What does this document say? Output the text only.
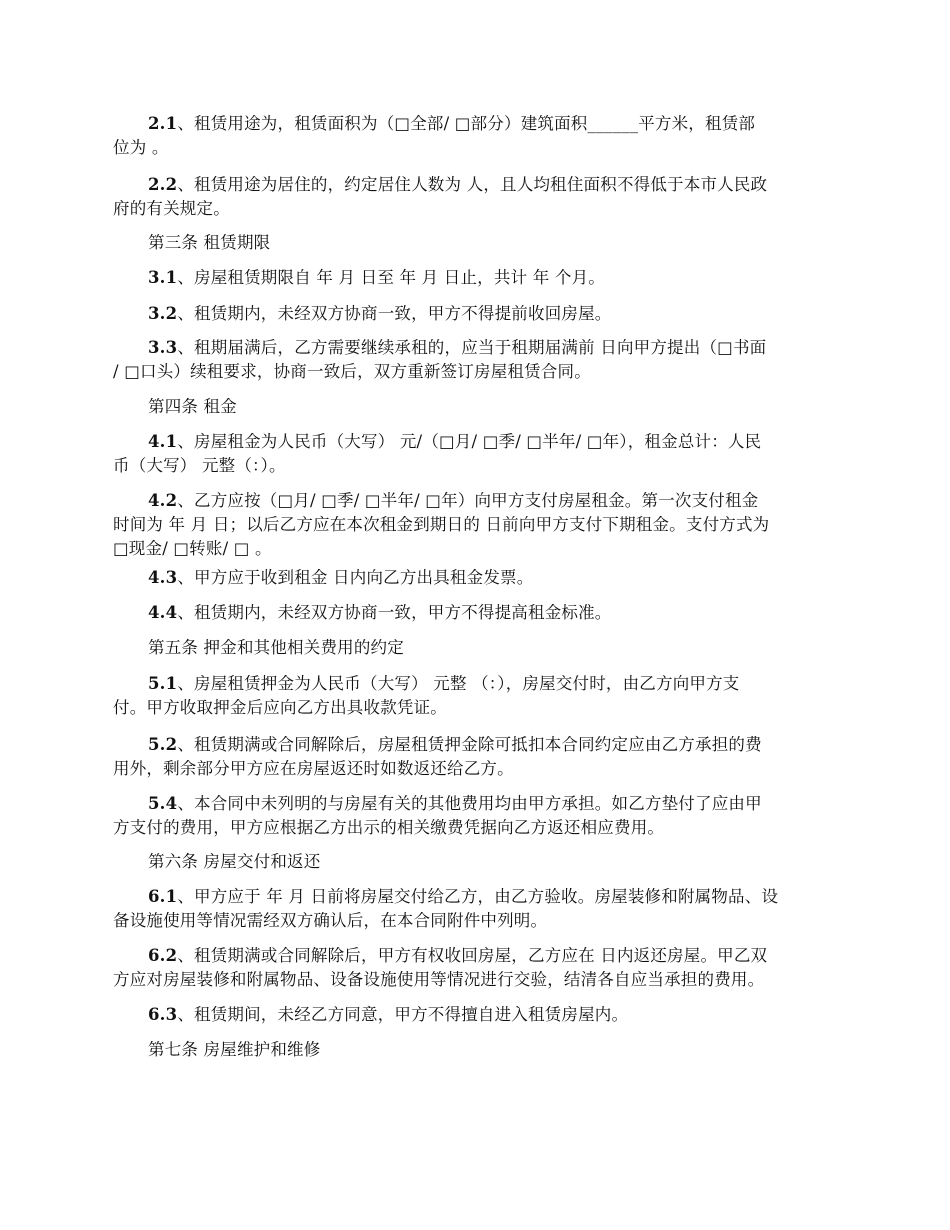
2.1、租赁用途为，租赁面积为（□全部/ □部分）建筑面积______平方米，租赁部
位为 。
2.2、租赁用途为居住的，约定居住人数为 人，且人均租住面积不得低于本市人民政
府的有关规定。
第三条 租赁期限
3.1、房屋租赁期限自 年 月 日至 年 月 日止，共计 年 个月。
3.2、租赁期内，未经双方协商一致，甲方不得提前收回房屋。
3.3、租期届满后，乙方需要继续承租的，应当于租期届满前 日向甲方提出（□书面
/ □口头）续租要求，协商一致后，双方重新签订房屋租赁合同。
第四条 租金
4.1、房屋租金为人民币（大写） 元/（□月/ □季/ □半年/ □年），租金总计：人民
币（大写） 元整（：）。
4.2、乙方应按（□月/ □季/ □半年/ □年）向甲方支付房屋租金。第一次支付租金
时间为 年 月 日；以后乙方应在本次租金到期日的 日前向甲方支付下期租金。支付方式为
□现金/ □转账/ □ 。
4.3、甲方应于收到租金 日内向乙方出具租金发票。
4.4、租赁期内，未经双方协商一致，甲方不得提高租金标准。
第五条 押金和其他相关费用的约定
5.1、房屋租赁押金为人民币（大写） 元整 （：），房屋交付时，由乙方向甲方支
付。甲方收取押金后应向乙方出具收款凭证。
5.2、租赁期满或合同解除后，房屋租赁押金除可抵扣本合同约定应由乙方承担的费
用外，剩余部分甲方应在房屋返还时如数返还给乙方。
5.4、本合同中未列明的与房屋有关的其他费用均由甲方承担。如乙方垫付了应由甲
方支付的费用，甲方应根据乙方出示的相关缴费凭据向乙方返还相应费用。
第六条 房屋交付和返还
6.1、甲方应于 年 月 日前将房屋交付给乙方，由乙方验收。房屋装修和附属物品、设
备设施使用等情况需经双方确认后，在本合同附件中列明。
6.2、租赁期满或合同解除后，甲方有权收回房屋，乙方应在 日内返还房屋。甲乙双
方应对房屋装修和附属物品、设备设施使用等情况进行交验，结清各自应当承担的费用。
6.3、租赁期间，未经乙方同意，甲方不得擅自进入租赁房屋内。
第七条 房屋维护和维修
